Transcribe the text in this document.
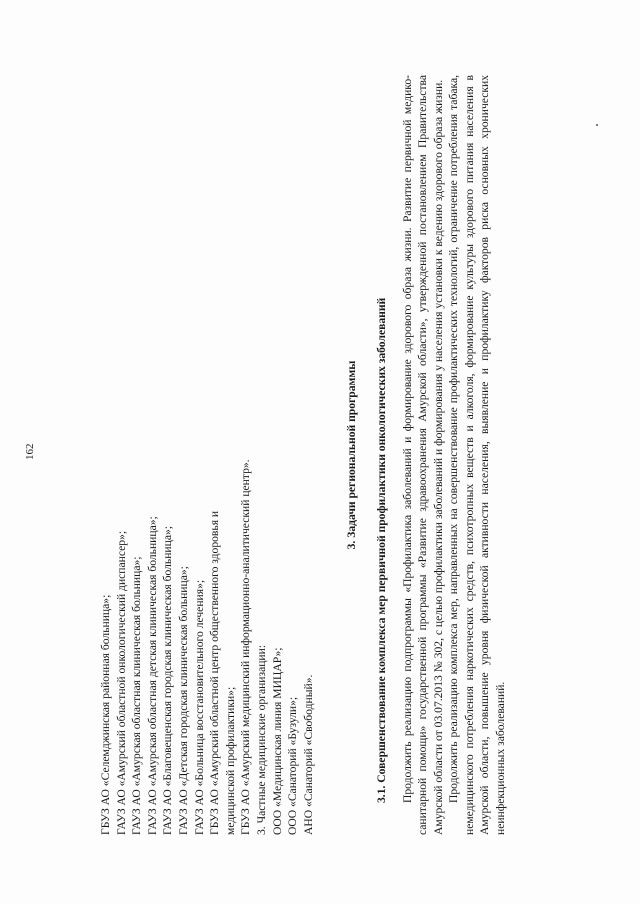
162
ГБУЗ АО «Селемджинская районная больница»; ГАУЗ АО «Амурский областной онкологический диспансер»; ГАУЗ АО «Амурская областная клиническая больница»; ГАУЗ АО «Амурская областная детская клиническая больница»; ГАУЗ АО «Благовещенская городская клиническая больница»; ГАУЗ АО «Детская городская клиническая больница»; ГАУЗ АО «Больница восстановительного лечения»; ГБУЗ АО «Амурский областной центр общественного здоровья и медицинской профилактики»; ГБУЗ АО «Амурский медицинский информационно-аналитический центр». 3. Частные медицинские организации: ООО «Медицинская линия МИЦАР»; ООО «Санаторий «Бузули»; АНО «Санаторий «Свободный».
3. Задачи региональной программы 3.1. Совершенствование комплекса мер первичной профилактики онкологических заболеваний Продолжить реализацию подпрограммы «Профилактика заболеваний и формирование здорового образа жизни. Развитие первичной медико-санитарной помощи» государственной программы «Развитие здравоохранения Амурской области», утвержденной постановлением Правительства Амурской области от 03.07.2013 № 302, с целью профилактики заболеваний и формирования у населения установки к ведению здорового образа жизни. Продолжить реализацию комплекса мер, направленных на совершенствование профилактических технологий, ограничение потребления табака, немедицинского потребления наркотических средств, психотропных веществ и алкоголя, формирование культуры здорового питания населения в Амурской области, повышение уровня физической активности населения, выявление и профилактику факторов риска основных хронических неинфекционных заболеваний.
